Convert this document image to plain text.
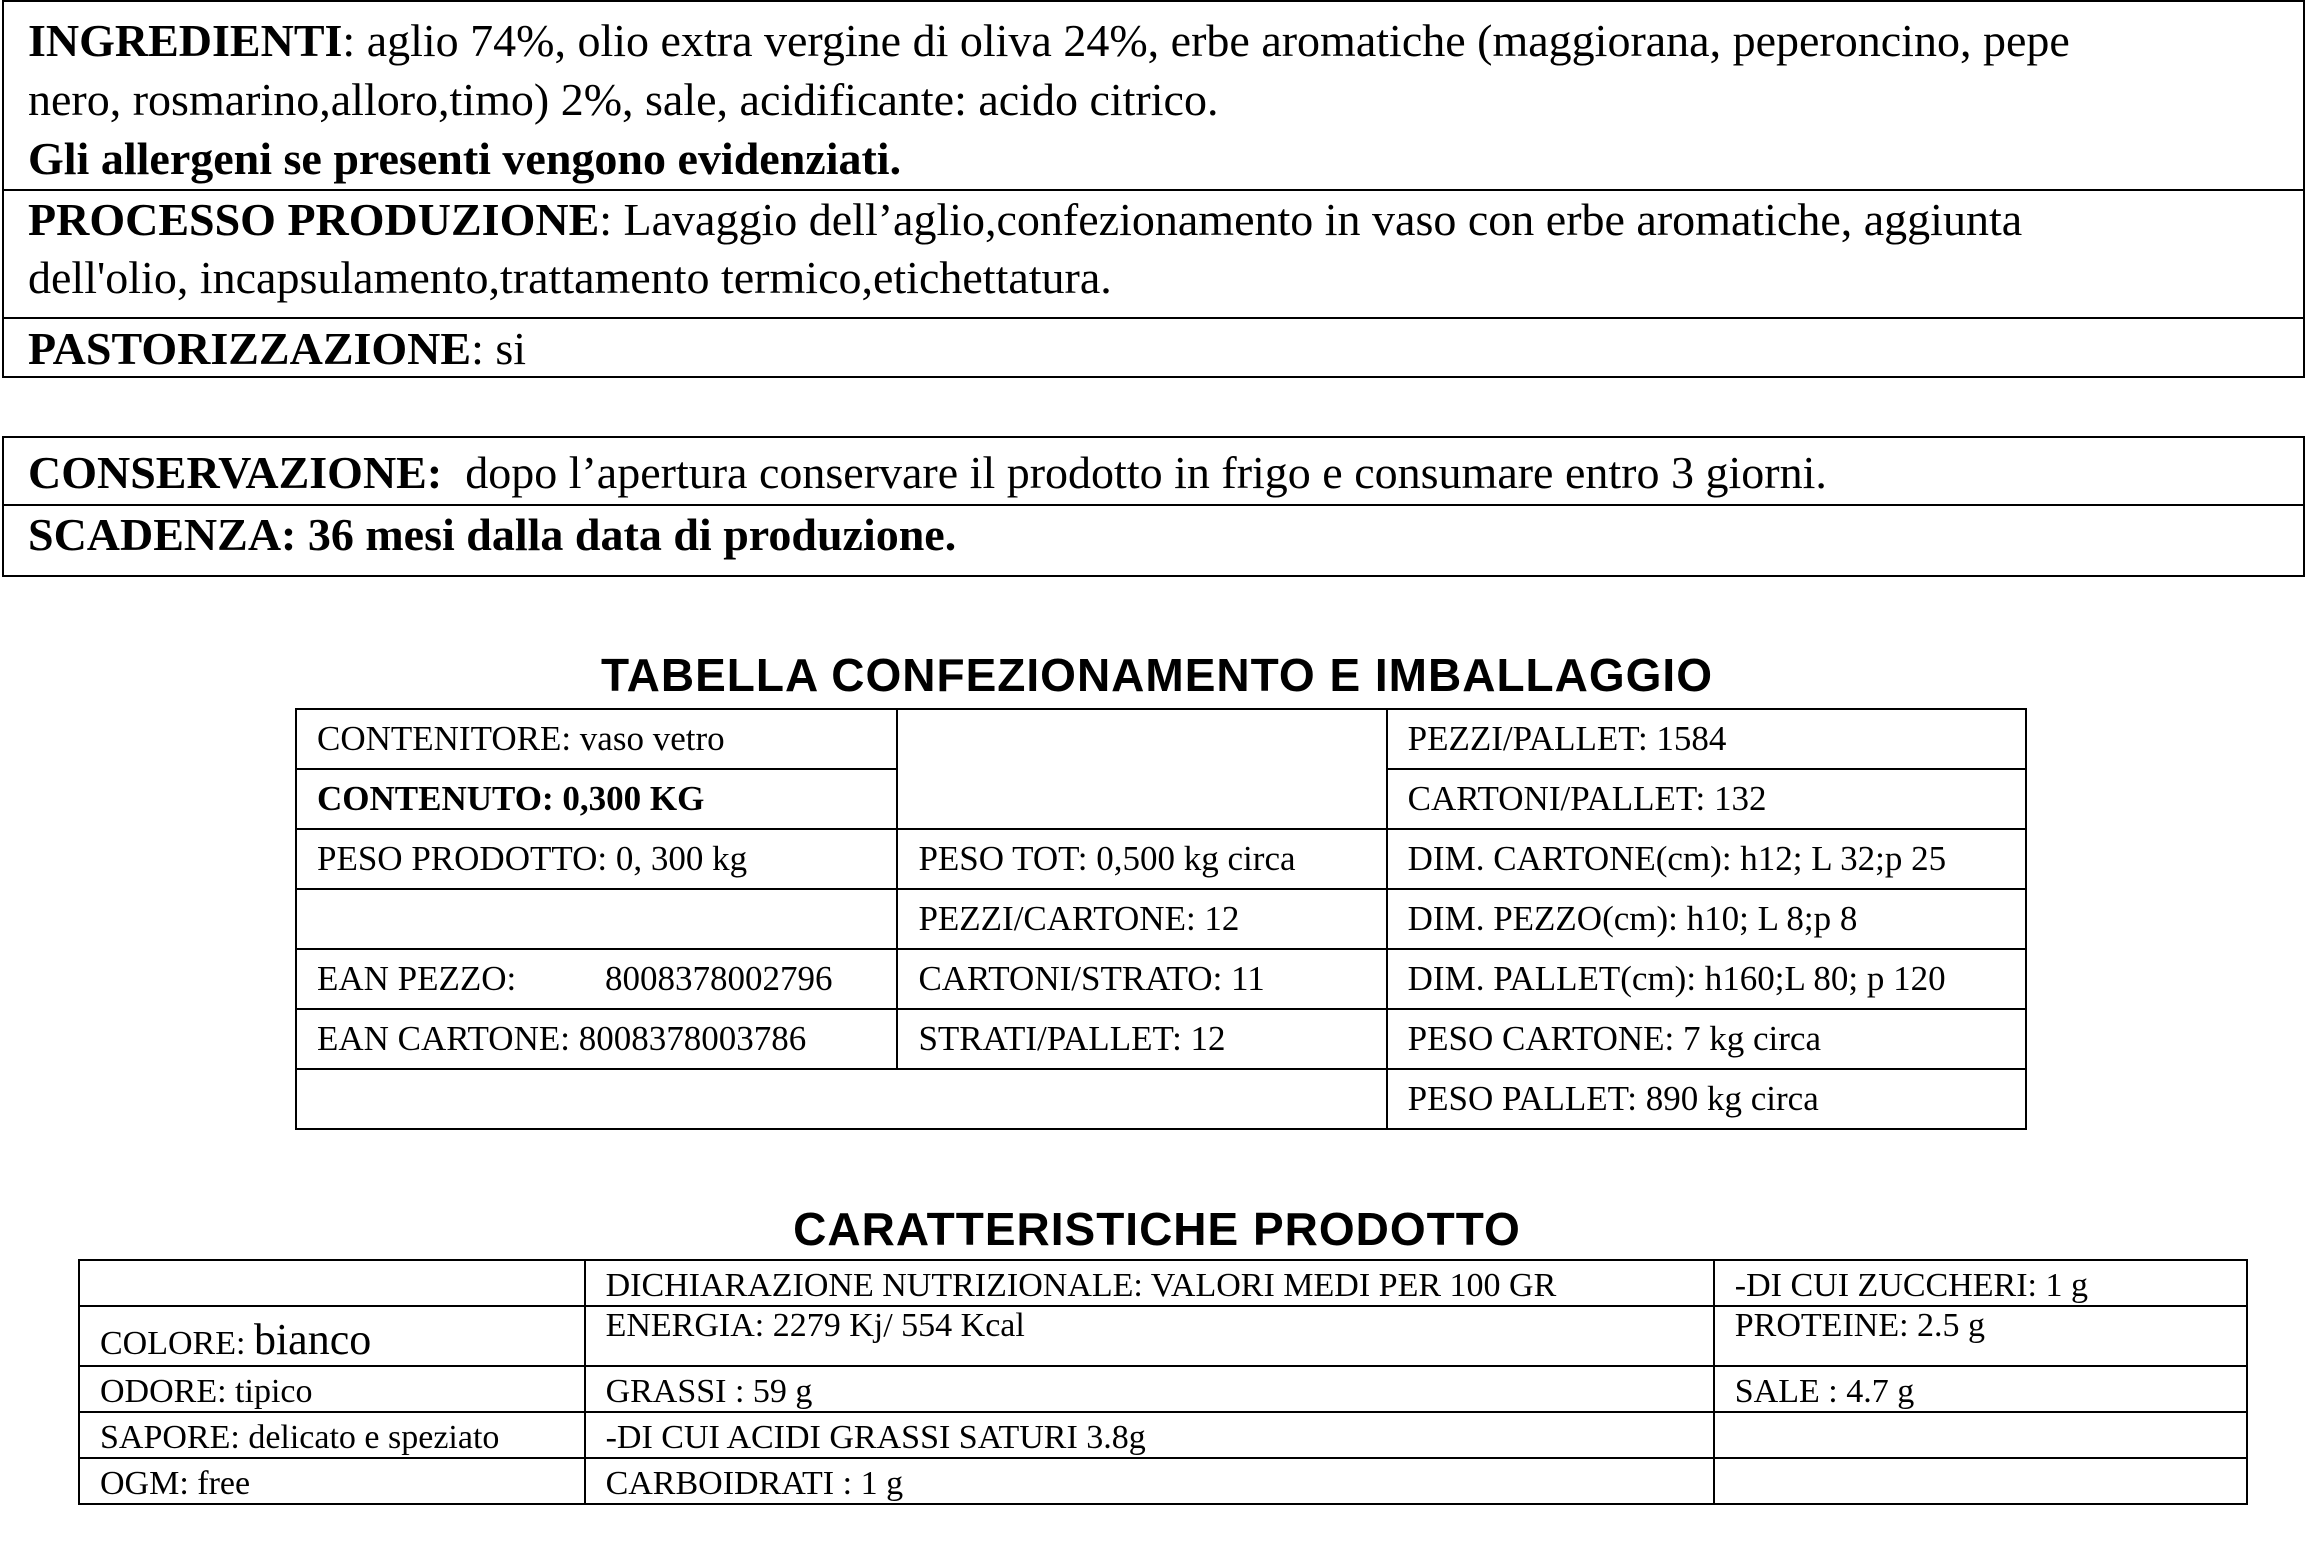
INGREDIENTI: aglio 74%, olio extra vergine di oliva 24%, erbe aromatiche (maggiorana, peperoncino, pepe
nero, rosmarino,alloro,timo) 2%, sale, acidificante: acido citrico.
Gli allergeni se presenti vengono evidenziati.
PROCESSO PRODUZIONE: Lavaggio dell’aglio,confezionamento in vaso con erbe aromatiche, aggiunta
dell'olio, incapsulamento,trattamento termico,etichettatura.
PASTORIZZAZIONE: si
CONSERVAZIONE: dopo l’apertura conservare il prodotto in frigo e consumare entro 3 giorni.
SCADENZA: 36 mesi dalla data di produzione.
TABELLA CONFEZIONAMENTO E IMBALLAGGIO
CONTENITORE: vaso vetro		PEZZI/PALLET: 1584
CONTENUTO: 0,300 KG		CARTONI/PALLET: 132
PESO PRODOTTO: 0, 300 kg	PESO TOT: 0,500 kg circa	DIM. CARTONE(cm): h12; L 32;p 25
	PEZZI/CARTONE: 12	DIM. PEZZO(cm): h10; L 8;p 8
EAN PEZZO: 8008378002796	CARTONI/STRATO: 11	DIM. PALLET(cm): h160;L 80; p 120
EAN CARTONE: 8008378003786	STRATI/PALLET: 12	PESO CARTONE: 7 kg circa
		PESO PALLET: 890 kg circa
CARATTERISTICHE PRODOTTO
	DICHIARAZIONE NUTRIZIONALE: VALORI MEDI PER 100 GR	-DI CUI ZUCCHERI: 1 g
COLORE: bianco	ENERGIA: 2279 Kj/ 554 Kcal	PROTEINE: 2.5 g
ODORE: tipico	GRASSI : 59 g	SALE : 4.7 g
SAPORE: delicato e speziato	-DI CUI ACIDI GRASSI SATURI 3.8g	
OGM: free	CARBOIDRATI : 1 g	
